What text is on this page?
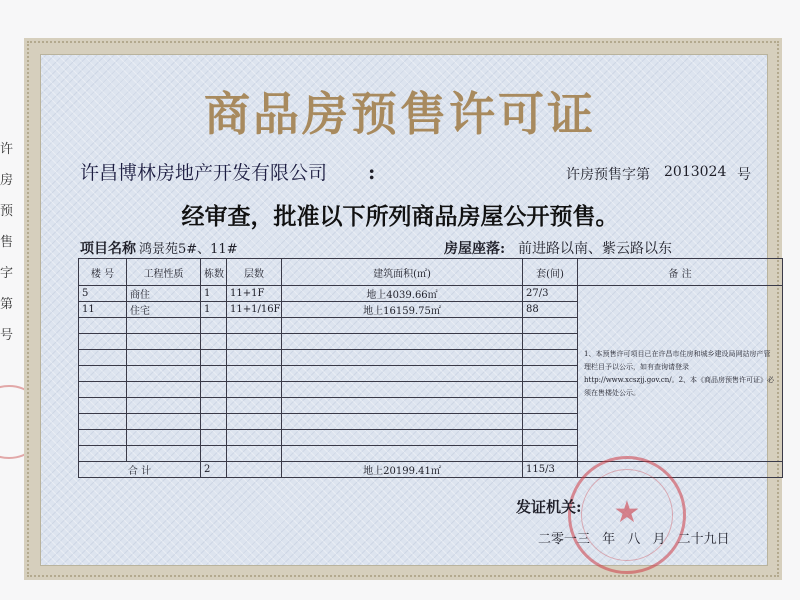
许
房
预
售
字
第
号
商品房预售许可证
许昌博林房地产开发有限公司 :	许房预售字第 2013024 号
经审查，批准以下所列商品房屋公开预售。
项目名称 鸿景苑5#、11#	房屋座落: 前进路以南、紫云路以东
楼 号	工程性质	栋数	层数	建筑面积(㎡)	套(间)	备 注
5	商住	1	11+1F	地上4039.66㎡	27/3	1、本预售许可项目已在许昌市住房和城乡建设局网站房产管理栏目予以公示，如有查询请登录http://www.xcszjj.gov.cn/。2、本《商品房预售许可证》必须在售楼处公示。
11	住宅	1	11+1/16F	地上16159.75㎡	88	

合 计		2		地上20199.41㎡	115/3	
★
发证机关:
二零一三 年 八 月 二十九日
